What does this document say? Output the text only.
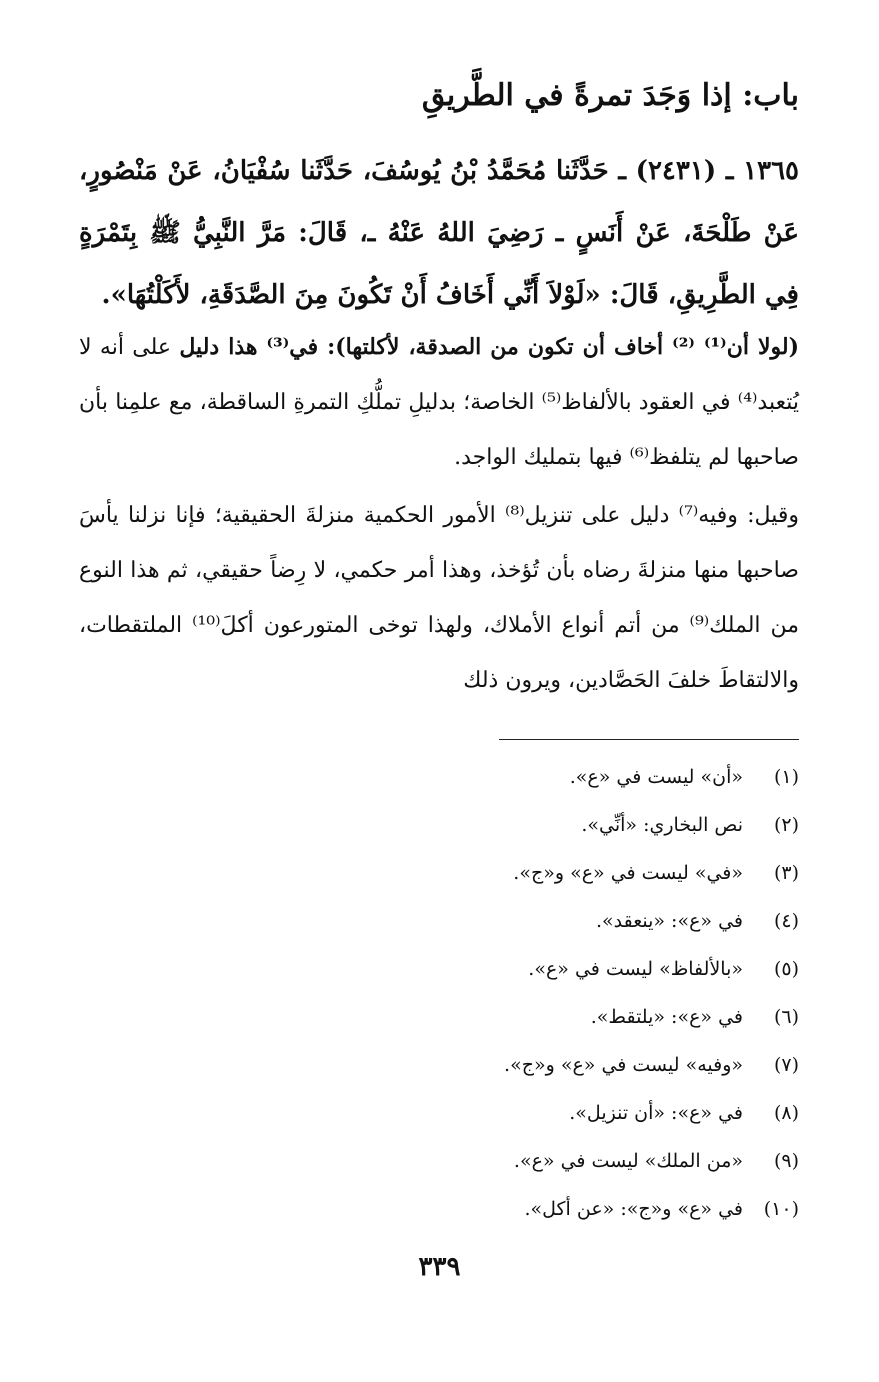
باب: إذا وَجَدَ تمرةً في الطَّريقِ
١٣٦٥ ـ (٢٤٣١) ـ حَدَّثَنا مُحَمَّدُ بْنُ يُوسُفَ، حَدَّثَنا سُفْيَانُ، عَنْ مَنْصُورٍ، عَنْ طَلْحَةَ، عَنْ أَنَسٍ ـ رَضِيَ اللهُ عَنْهُ ـ، قَالَ: مَرَّ النَّبِيُّ ﷺ بِتَمْرَةٍ فِي الطَّرِيقِ، قَالَ: «لَوْلاَ أَنِّي أَخَافُ أَنْ تَكُونَ مِنَ الصَّدَقَةِ، لأَكَلْتُهَا».

(لولا أن⁽¹⁾ ⁽²⁾ أخاف أن تكون من الصدقة، لأكلتها): في⁽³⁾ هذا دليل على أنه لا يُتعبد⁽⁴⁾ في العقود بالألفاظ⁽⁵⁾ الخاصة؛ بدليلِ تملُّكِ التمرةِ الساقطة، مع علمِنا بأن صاحبها لم يتلفظ⁽⁶⁾ فيها بتمليك الواجد.

وقيل: وفيه⁽⁷⁾ دليل على تنزيل⁽⁸⁾ الأمور الحكمية منزلةَ الحقيقية؛ فإنا نزلنا يأسَ صاحبها منها منزلةَ رضاه بأن تُؤخذ، وهذا أمر حكمي، لا رِضاً حقيقي، ثم هذا النوع من الملك⁽⁹⁾ من أتم أنواع الأملاك، ولهذا توخى المتورعون أكلَ⁽¹⁰⁾ الملتقطات، والالتقاطَ خلفَ الحَصَّادين، ويرون ذلك

(١)«أن» ليست في «ع».
(٢)نص البخاري: «أنِّي».
(٣)«في» ليست في «ع» و«ج».
(٤)في «ع»: «ينعقد».
(٥)«بالألفاظ» ليست في «ع».
(٦)في «ع»: «يلتقط».
(٧)«وفيه» ليست في «ع» و«ج».
(٨)في «ع»: «أن تنزيل».
(٩)«من الملك» ليست في «ع».
(١٠)في «ع» و«ج»: «عن أكل».
٣٣٩
